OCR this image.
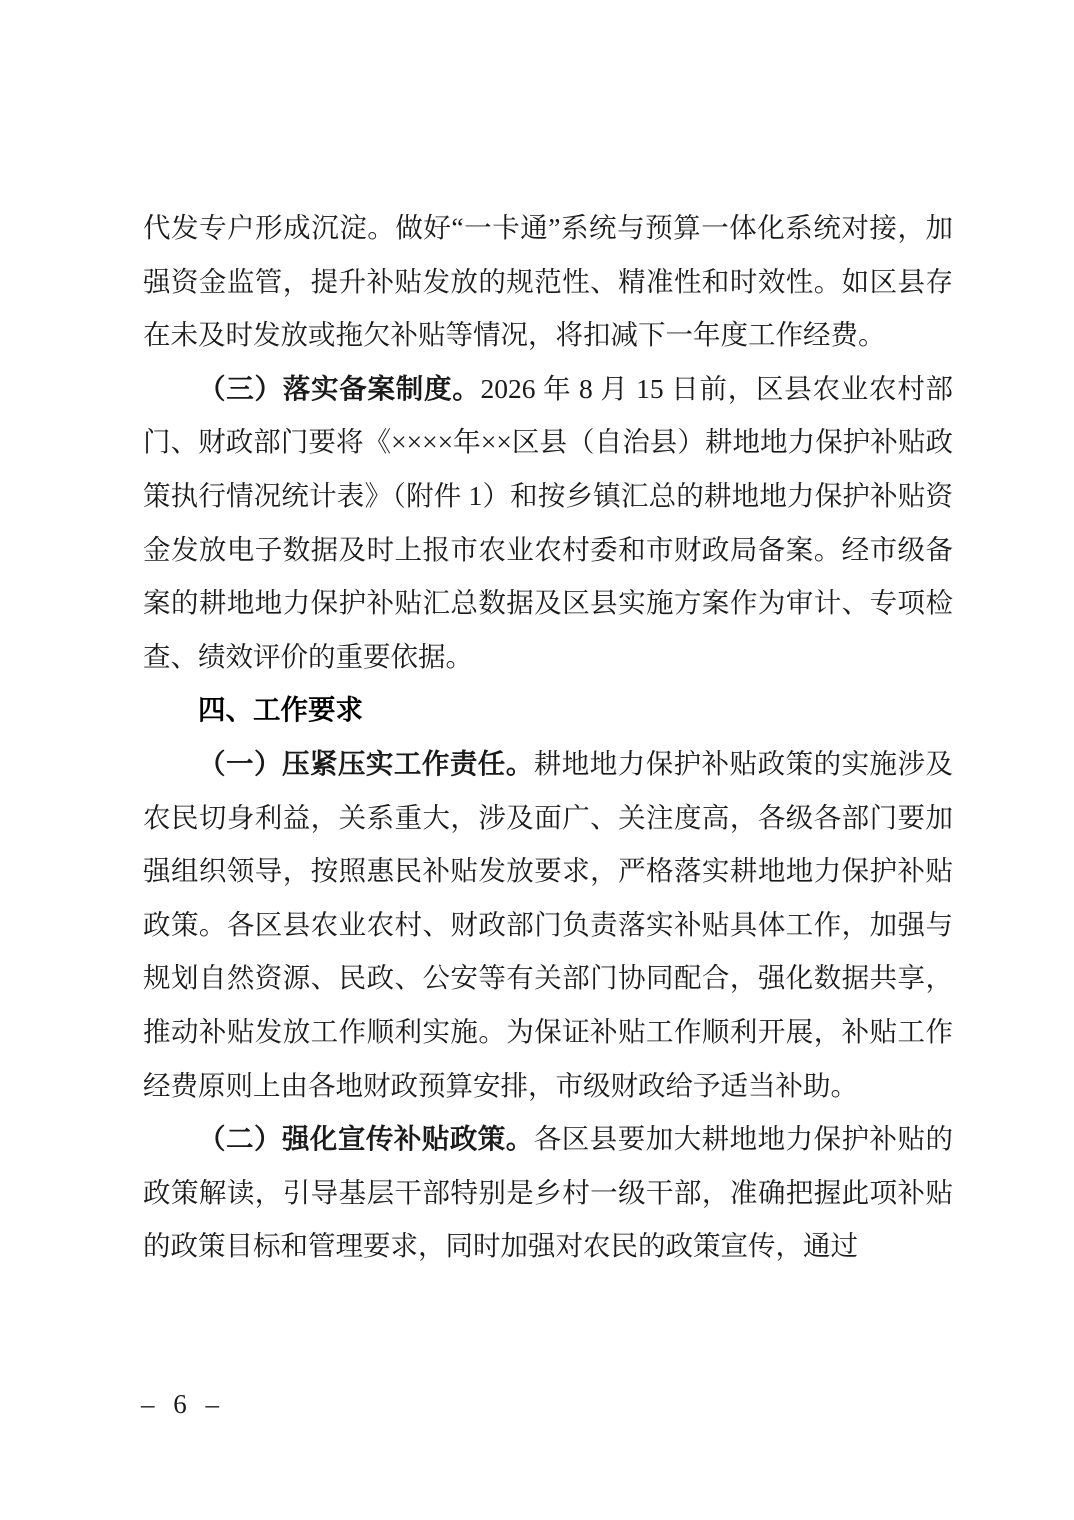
代发专户形成沉淀。做好“一卡通”系统与预算一体化系统对接，加强资金监管，提升补贴发放的规范性、精准性和时效性。如区县存在未及时发放或拖欠补贴等情况，将扣减下一年度工作经费。

（三）落实备案制度。2026 年 8 月 15 日前，区县农业农村部门、财政部门要将《××××年××区县（自治县）耕地地力保护补贴政策执行情况统计表》（附件 1）和按乡镇汇总的耕地地力保护补贴资金发放电子数据及时上报市农业农村委和市财政局备案。经市级备案的耕地地力保护补贴汇总数据及区县实施方案作为审计、专项检查、绩效评价的重要依据。

四、工作要求

（一）压紧压实工作责任。耕地地力保护补贴政策的实施涉及农民切身利益，关系重大，涉及面广、关注度高，各级各部门要加强组织领导，按照惠民补贴发放要求，严格落实耕地地力保护补贴政策。各区县农业农村、财政部门负责落实补贴具体工作，加强与规划自然资源、民政、公安等有关部门协同配合，强化数据共享，推动补贴发放工作顺利实施。为保证补贴工作顺利开展，补贴工作经费原则上由各地财政预算安排，市级财政给予适当补助。

（二）强化宣传补贴政策。各区县要加大耕地地力保护补贴的政策解读，引导基层干部特别是乡村一级干部，准确把握此项补贴的政策目标和管理要求，同时加强对农民的政策宣传，通过

– 6 –
